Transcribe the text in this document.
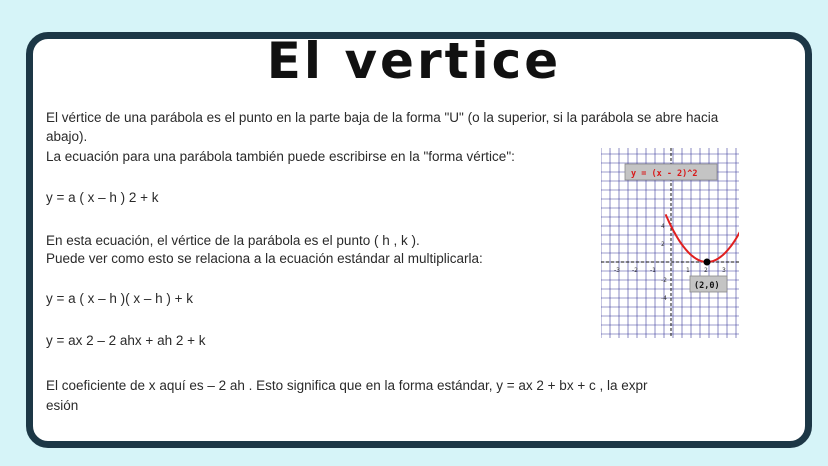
El vertice

El vértice de una parábola es el punto en la parte baja de la forma "U" (o la superior, si la parábola se abre hacia

abajo).

La ecuación para una parábola también puede escribirse en la "forma vértice":

y = a ( x – h ) 2 + k

En esta ecuación, el vértice de la parábola es el punto ( h , k ).

Puede ver como esto se relaciona a la ecuación estándar al multiplicarla:

y = a ( x – h )( x – h ) + k

y = ax 2 – 2 ahx + ah 2 + k

El coeficiente de x aquí es – 2 ah . Esto significa que en la forma estándar, y = ax 2 + bx + c , la expr

esión

-3 -2 -1	1 2 3
4
2
-2
-4
y = (x - 2)^2
(2,0)
